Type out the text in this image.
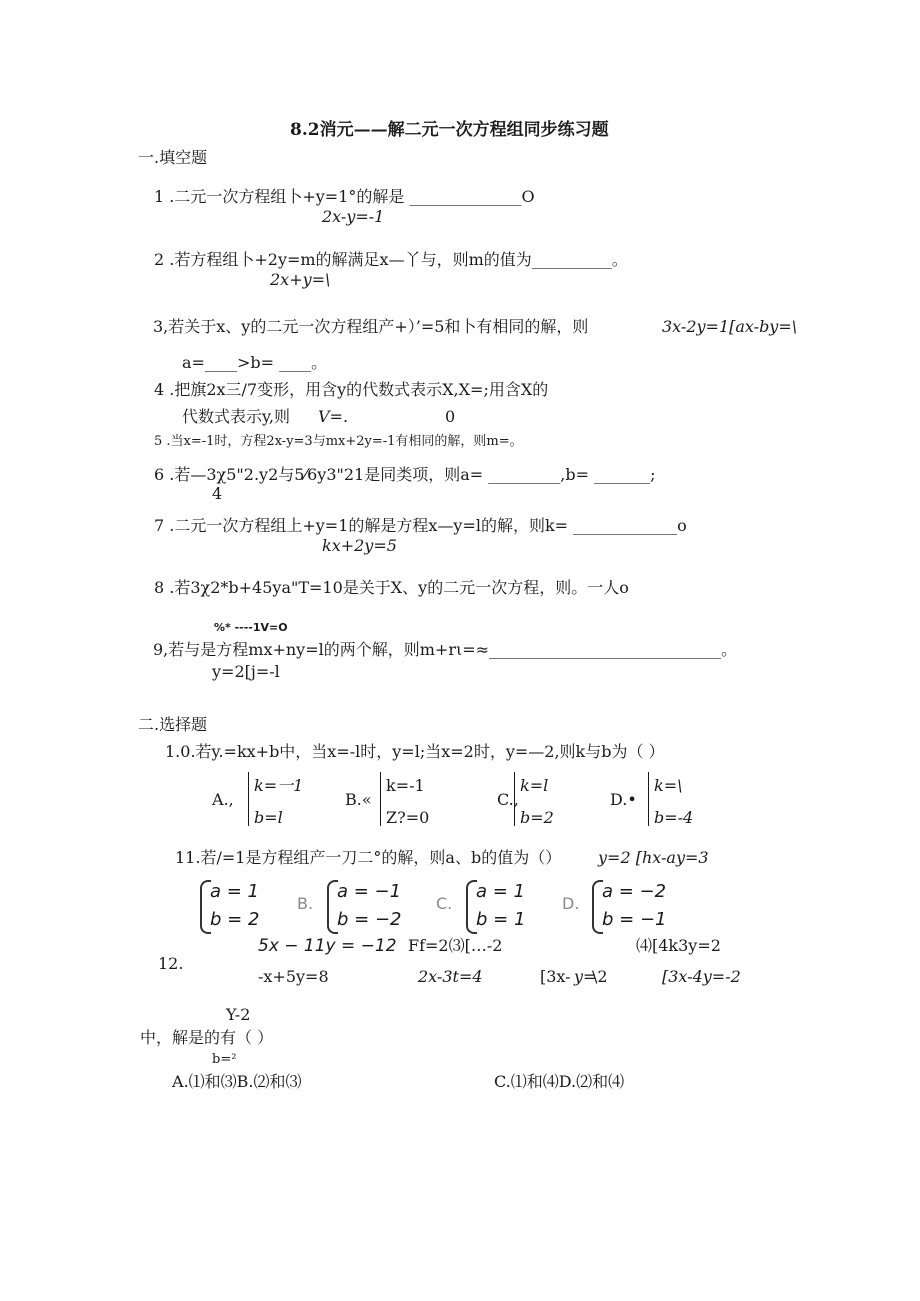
8.2消元——解二元一次方程组同步练习题
一.填空题
1 .二元一次方程组卜+y=1°的解是 ______________O
2x-y=-1
2 .若方程组卜+2y=m的解满足x—丫与，则m的值为__________。
2x+y=\
3,若关于x、y的二元一次方程组产+）’=5和卜有相同的解，则	3x-2y=1[ax-by=\
a=____>b= ____。
4 .把旗2x三/7变形，用含y的代数式表示X,X=;用含X的
代数式表示y,则 V=.	0
5 .当x=-1时，方程2x-y=3与mx+2y=-1有相同的解，则m=。
6 .若—3χ5"2.y2与5⁄6y3"21是同类项，则a= _________,b= _______;
4
7 .二元一次方程组上+y=1的解是方程x—y=l的解，则k= _____________o
kx+2y=5
8 .若3χ2*b+45ya"T=10是关于X、y的二元一次方程，则。一人o
%* ----1V=O
9,若与是方程mx+ny=l的两个解，则m+rι=≈_____________________________。
y=2[j=-l
二.选择题
1.0.若y.=kx+b中，当x=-l时，y=l;当x=2时，y=—2,则k与b为（ ）
A.,
k=一1
b=l
B.«
k=-1
Z?=0
C.,
k=l
b=2
D.•
k=\
b=-4
11.若/=1是方程组产一刀二°的解，则a、b的值为（） y=2 [hx-ay=3
a = 1
b = 2
B.
a = −1
b = −2
C.
a = 1
b = 1
D.
a = −2
b = −1
12.
5x − 11y = −12
-x+5y=8
Ff=2⑶[…-2
2x-3t=4	[3x- y=
\2
⑷[4k3y=2
[3x-4y=-2
Y-2
中，解是的有（ ）
b=²
A.⑴和⑶B.⑵和⑶	C.⑴和⑷D.⑵和⑷
